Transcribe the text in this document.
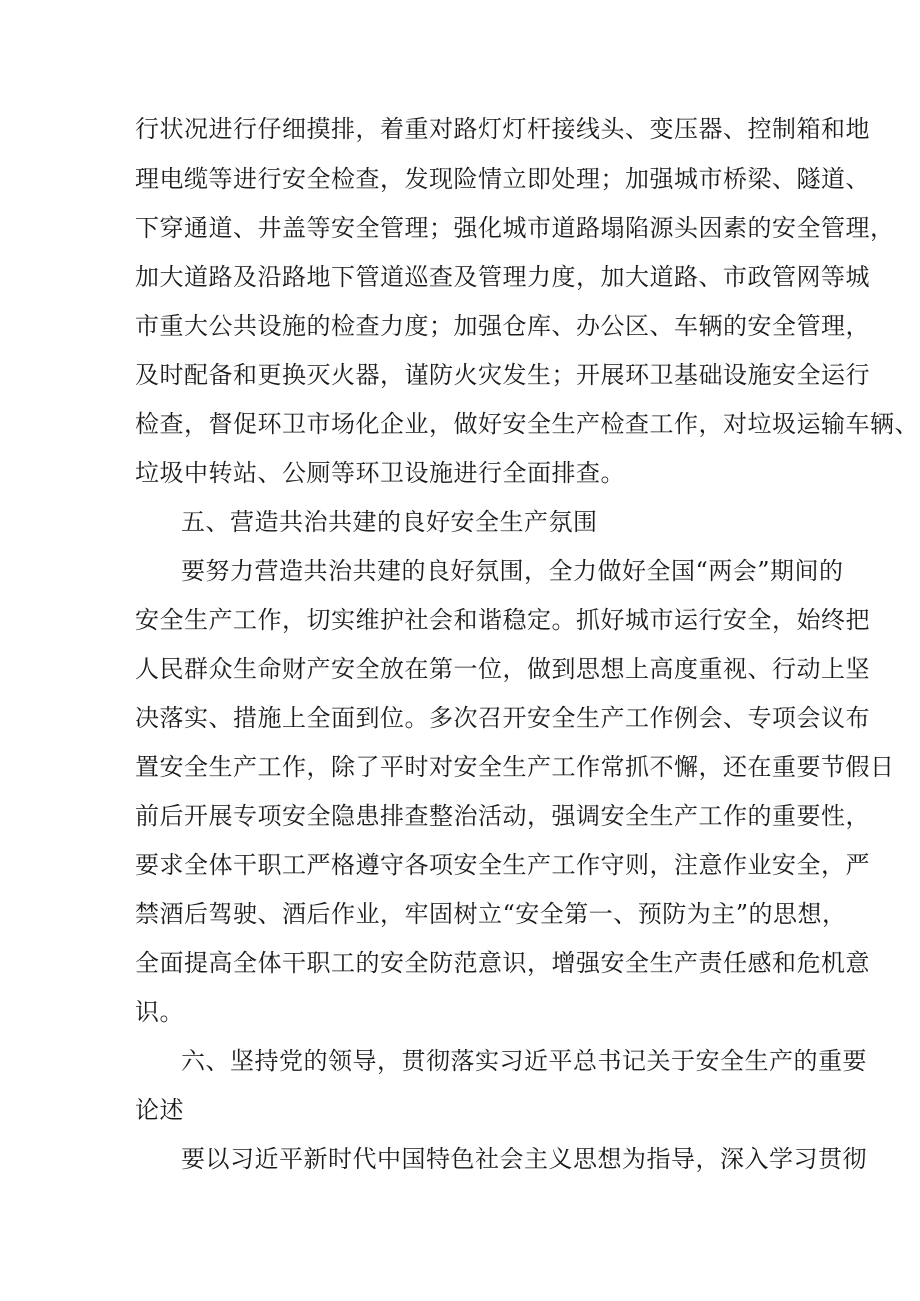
行状况进行仔细摸排，着重对路灯灯杆接线头、变压器、控制箱和地
理电缆等进行安全检查，发现险情立即处理；加强城市桥梁、隧道、
下穿通道、井盖等安全管理；强化城市道路塌陷源头因素的安全管理，
加大道路及沿路地下管道巡查及管理力度，加大道路、市政管网等城
市重大公共设施的检查力度；加强仓库、办公区、车辆的安全管理，
及时配备和更换灭火器，谨防火灾发生；开展环卫基础设施安全运行
检查，督促环卫市场化企业，做好安全生产检查工作，对垃圾运输车辆、
垃圾中转站、公厕等环卫设施进行全面排查。
五、营造共治共建的良好安全生产氛围
要努力营造共治共建的良好氛围，全力做好全国“两会”期间的
安全生产工作，切实维护社会和谐稳定。抓好城市运行安全，始终把
人民群众生命财产安全放在第一位，做到思想上高度重视、行动上坚
决落实、措施上全面到位。多次召开安全生产工作例会、专项会议布
置安全生产工作，除了平时对安全生产工作常抓不懈，还在重要节假日
前后开展专项安全隐患排查整治活动，强调安全生产工作的重要性，
要求全体干职工严格遵守各项安全生产工作守则，注意作业安全，严
禁酒后驾驶、酒后作业，牢固树立“安全第一、预防为主”的思想，
全面提高全体干职工的安全防范意识，增强安全生产责任感和危机意
识。
六、坚持党的领导，贯彻落实习近平总书记关于安全生产的重要
论述
要以习近平新时代中国特色社会主义思想为指导，深入学习贯彻
